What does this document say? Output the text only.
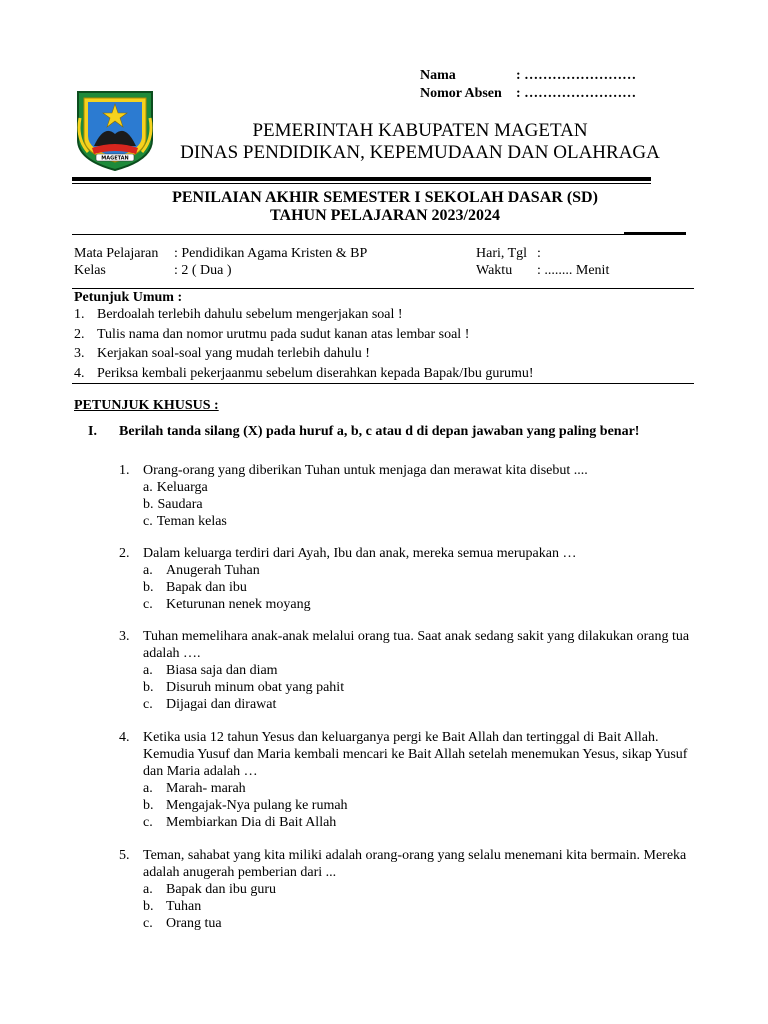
Nama	: ……………………
Nomor Absen : ……………………
MAGETAN
PEMERINTAH KABUPATEN MAGETAN
DINAS PENDIDIKAN, KEPEMUDAAN DAN OLAHRAGA
PENILAIAN AKHIR SEMESTER I SEKOLAH DASAR (SD)
TAHUN PELAJARAN 2023/2024
Mata Pelajaran : Pendidikan Agama Kristen & BP
Kelas	: 2 ( Dua )
Hari, Tgl :
Waktu : ........ Menit
Petunjuk Umum :
1. Berdoalah terlebih dahulu sebelum mengerjakan soal !
2. Tulis nama dan nomor urutmu pada sudut kanan atas lembar soal !
3. Kerjakan soal-soal yang mudah terlebih dahulu !
4. Periksa kembali pekerjaanmu sebelum diserahkan kepada Bapak/Ibu gurumu!
PETUNJUK KHUSUS :
I. Berilah tanda silang (X) pada huruf a, b, c atau d di depan jawaban yang paling benar!
1. Orang-orang yang diberikan Tuhan untuk menjaga dan merawat kita disebut ....
a. Keluarga
b. Saudara
c. Teman kelas
2. Dalam keluarga terdiri dari Ayah, Ibu dan anak, mereka semua merupakan …
a. Anugerah Tuhan
b. Bapak dan ibu
c. Keturunan nenek moyang
3. Tuhan memelihara anak-anak melalui orang tua. Saat anak sedang sakit yang dilakukan orang tua adalah ….
a. Biasa saja dan diam
b. Disuruh minum obat yang pahit
c. Dijagai dan dirawat
4. Ketika usia 12 tahun Yesus dan keluarganya pergi ke Bait Allah dan tertinggal di Bait Allah. Kemudia Yusuf dan Maria kembali mencari ke Bait Allah setelah menemukan Yesus, sikap Yusuf dan Maria adalah …
a. Marah- marah
b. Mengajak-Nya pulang ke rumah
c. Membiarkan Dia di Bait Allah
5. Teman, sahabat yang kita miliki adalah orang-orang yang selalu menemani kita bermain. Mereka adalah anugerah pemberian dari ...
a. Bapak dan ibu guru
b. Tuhan
c. Orang tua
